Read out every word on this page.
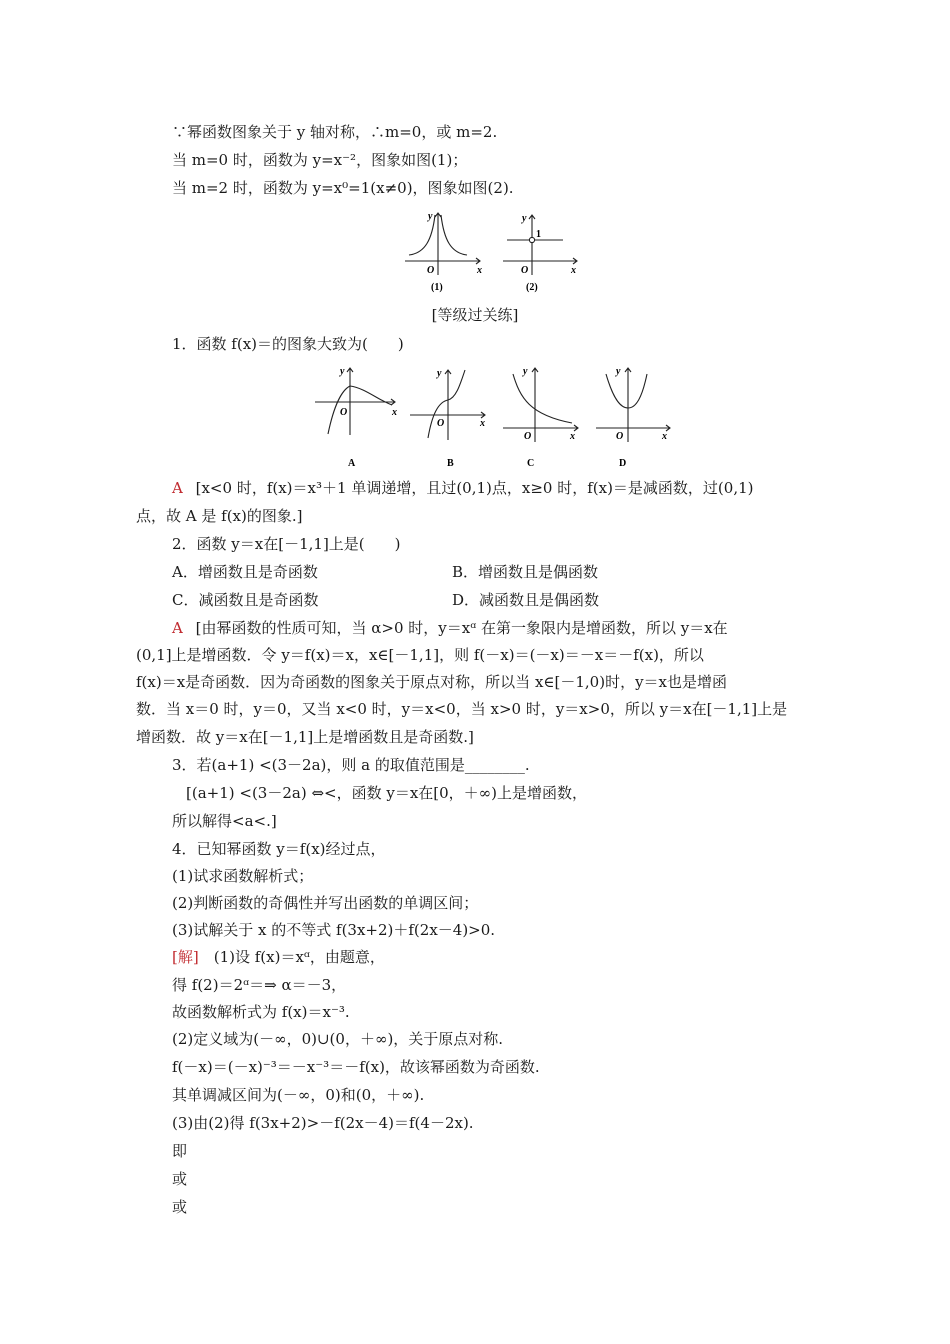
∵幂函数图象关于 y 轴对称，∴m=0，或 m=2.
当 m=0 时，函数为 y=x⁻²，图象如图(1)；
当 m=2 时，函数为 y=x⁰=1(x≠0)，图象如图(2).
y
x
O
(1)
y
1
x
O
(2)
[等级过关练]
1．函数 f(x)＝的图象大致为(　　)
y
x
O
A
y
x
O
B
y
x
O
C
y
x
O
D
A [x<0 时，f(x)＝x³＋1 单调递增，且过(0,1)点，x≥0 时，f(x)＝是减函数，过(0,1)
点，故 A 是 f(x)的图象.]
2．函数 y＝x在[－1,1]上是(　　)
A．增函数且是奇函数	B．增函数且是偶函数
C．减函数且是奇函数	D．减函数且是偶函数
A [由幂函数的性质可知，当 α>0 时，y＝xᵅ 在第一象限内是增函数，所以 y＝x在
(0,1]上是增函数．令 y＝f(x)＝x，x∈[－1,1]，则 f(－x)＝(－x)＝－x＝－f(x)，所以
f(x)＝x是奇函数．因为奇函数的图象关于原点对称，所以当 x∈[－1,0)时，y＝x也是增函
数．当 x＝0 时，y＝0，又当 x<0 时，y＝x<0，当 x>0 时，y＝x>0，所以 y＝x在[－1,1]上是
增函数．故 y＝x在[－1,1]上是增函数且是奇函数.]
3．若(a+1) <(3－2a)，则 a 的取值范围是________.
[(a+1) <(3－2a) ⇔<，函数 y＝x在[0，＋∞)上是增函数，
所以解得<a<.]
4．已知幂函数 y＝f(x)经过点，
(1)试求函数解析式；
(2)判断函数的奇偶性并写出函数的单调区间；
(3)试解关于 x 的不等式 f(3x+2)＋f(2x－4)>0.
[解]　(1)设 f(x)＝xᵅ，由题意，
得 f(2)＝2ᵅ＝⇒ α＝－3，
故函数解析式为 f(x)＝x⁻³.
(2)定义域为(－∞，0)∪(0，＋∞)，关于原点对称.
f(－x)＝(－x)⁻³＝－x⁻³＝－f(x)，故该幂函数为奇函数.
其单调减区间为(－∞，0)和(0，＋∞).
(3)由(2)得 f(3x+2)>－f(2x－4)＝f(4－2x).
即
或
或
